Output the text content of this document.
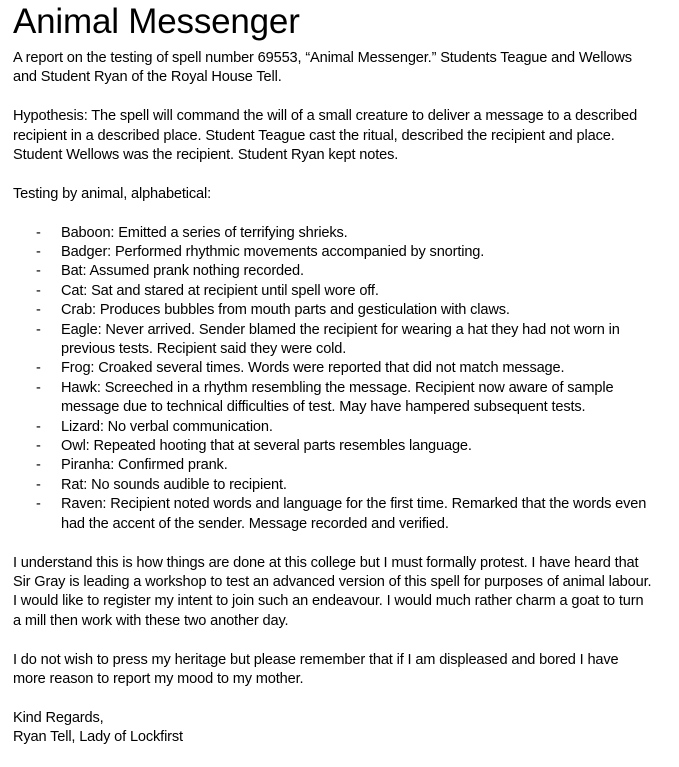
Animal Messenger

A report on the testing of spell number 69553, “Animal Messenger.” Students Teague and Wellows and Student Ryan of the Royal House Tell.

Hypothesis: The spell will command the will of a small creature to deliver a message to a described recipient in a described place. Student Teague cast the ritual, described the recipient and place. Student Wellows was the recipient. Student Ryan kept notes.

Testing by animal, alphabetical:

- Baboon: Emitted a series of terrifying shrieks.
- Badger: Performed rhythmic movements accompanied by snorting.
- Bat: Assumed prank nothing recorded.
- Cat: Sat and stared at recipient until spell wore off.
- Crab: Produces bubbles from mouth parts and gesticulation with claws.
- Eagle: Never arrived. Sender blamed the recipient for wearing a hat they had not worn in previous tests. Recipient said they were cold.
- Frog: Croaked several times. Words were reported that did not match message.
- Hawk: Screeched in a rhythm resembling the message. Recipient now aware of sample message due to technical difficulties of test. May have hampered subsequent tests.
- Lizard: No verbal communication.
- Owl: Repeated hooting that at several parts resembles language.
- Piranha: Confirmed prank.
- Rat: No sounds audible to recipient.
- Raven: Recipient noted words and language for the first time. Remarked that the words even had the accent of the sender. Message recorded and verified.

I understand this is how things are done at this college but I must formally protest. I have heard that Sir Gray is leading a workshop to test an advanced version of this spell for purposes of animal labour. I would like to register my intent to join such an endeavour. I would much rather charm a goat to turn a mill then work with these two another day.

I do not wish to press my heritage but please remember that if I am displeased and bored I have more reason to report my mood to my mother.

Kind Regards,
Ryan Tell, Lady of Lockfirst
